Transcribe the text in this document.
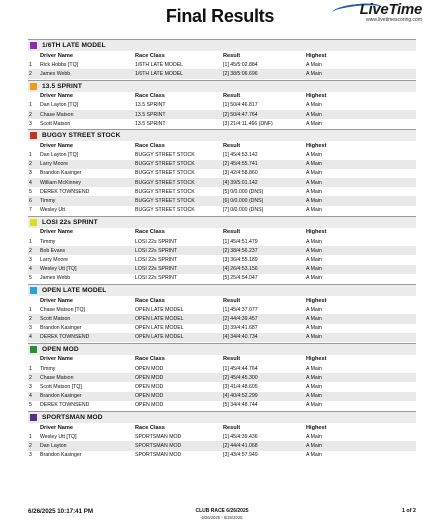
Final Results	LiveTime
www.livetimescoring.com
1/6TH LATE MODEL
Driver Name	Race Class	Result	Highest
1	Rick Hobbs [TQ]	1/6TH LATE MODEL	[1] 45/5:02.884	A Main
2	James Webb	1/6TH LATE MODEL	[2] 38/5:06.696	A Main
13.5 SPRINT
Driver Name	Race Class	Result	Highest
1	Dan Layton [TQ]	13.5 SPRINT	[1] 50/4:46.817	A Main
2	Chase Matson	13.5 SPRINT	[2] 50/4:47.764	A Main
3	Scott Matson	13.5 SPRINT	[3] 21/4:11.466 (DNF)	A Main
BUGGY STREET STOCK
Driver Name	Race Class	Result	Highest
1	Dan Layton [TQ]	BUGGY STREET STOCK	[1] 45/4:53.142	A Main
2	Larry Moore	BUGGY STREET STOCK	[2] 45/4:55.741	A Main
3	Brandon Kasinger	BUGGY STREET STOCK	[3] 42/4:58.860	A Main
4	William McKinney	BUGGY STREET STOCK	[4] 39/5:01.142	A Main
5	DEREK TOWNSEND	BUGGY STREET STOCK	[5] 0/0.000 (DNS)	A Main
6	Timmy	BUGGY STREET STOCK	[6] 0/0.000 (DNS)	A Main
7	Wesley Utt	BUGGY STREET STOCK	[7] 0/0.000 (DNS)	A Main
LOSI 22s SPRINT
Driver Name	Race Class	Result	Highest
1	Timmy	LOSI 22s SPRINT	[1] 45/4:51.479	A Main
2	Bob Evans	LOSI 22s SPRINT	[2] 38/4:56.237	A Main
3	Larry Moore	LOSI 22s SPRINT	[3] 36/4:55.189	A Main
4	Wesley Utt [TQ]	LOSI 22s SPRINT	[4] 26/4:53.156	A Main
5	James Webb	LOSI 22s SPRINT	[5] 25/4:54.047	A Main
OPEN LATE MODEL
Driver Name	Race Class	Result	Highest
1	Chase Matson [TQ]	OPEN LATE MODEL	[1] 45/4:37.077	A Main
2	Scott Matson	OPEN LATE MODEL	[2] 44/4:39.457	A Main
3	Brandon Kasinger	OPEN LATE MODEL	[3] 39/4:41.687	A Main
4	DEREK TOWNSEND	OPEN LATE MODEL	[4] 34/4:40.734	A Main
OPEN MOD
Driver Name	Race Class	Result	Highest
1	Timmy	OPEN MOD	[1] 45/4:44.764	A Main
2	Chase Matson	OPEN MOD	[2] 45/4:45.300	A Main
3	Scott Matson [TQ]	OPEN MOD	[3] 41/4:48.605	A Main
4	Brandon Kasinger	OPEN MOD	[4] 40/4:52.299	A Main
5	DEREK TOWNSEND	OPEN MOD	[5] 34/4:48.744	A Main
SPORTSMAN MOD
Driver Name	Race Class	Result	Highest
1	Wesley Utt [TQ]	SPORTSMAN MOD	[1] 45/4:39.436	A Main
2	Dan Layton	SPORTSMAN MOD	[2] 44/4:41.068	A Main
3	Brandon Kasinger	SPORTSMAN MOD	[3] 43/4:57.949	A Main
6/26/2025 10:17:41 PM	CLUB RACE 6/26/2025
6/26/2025 - 6/26/2025
1 of 2
